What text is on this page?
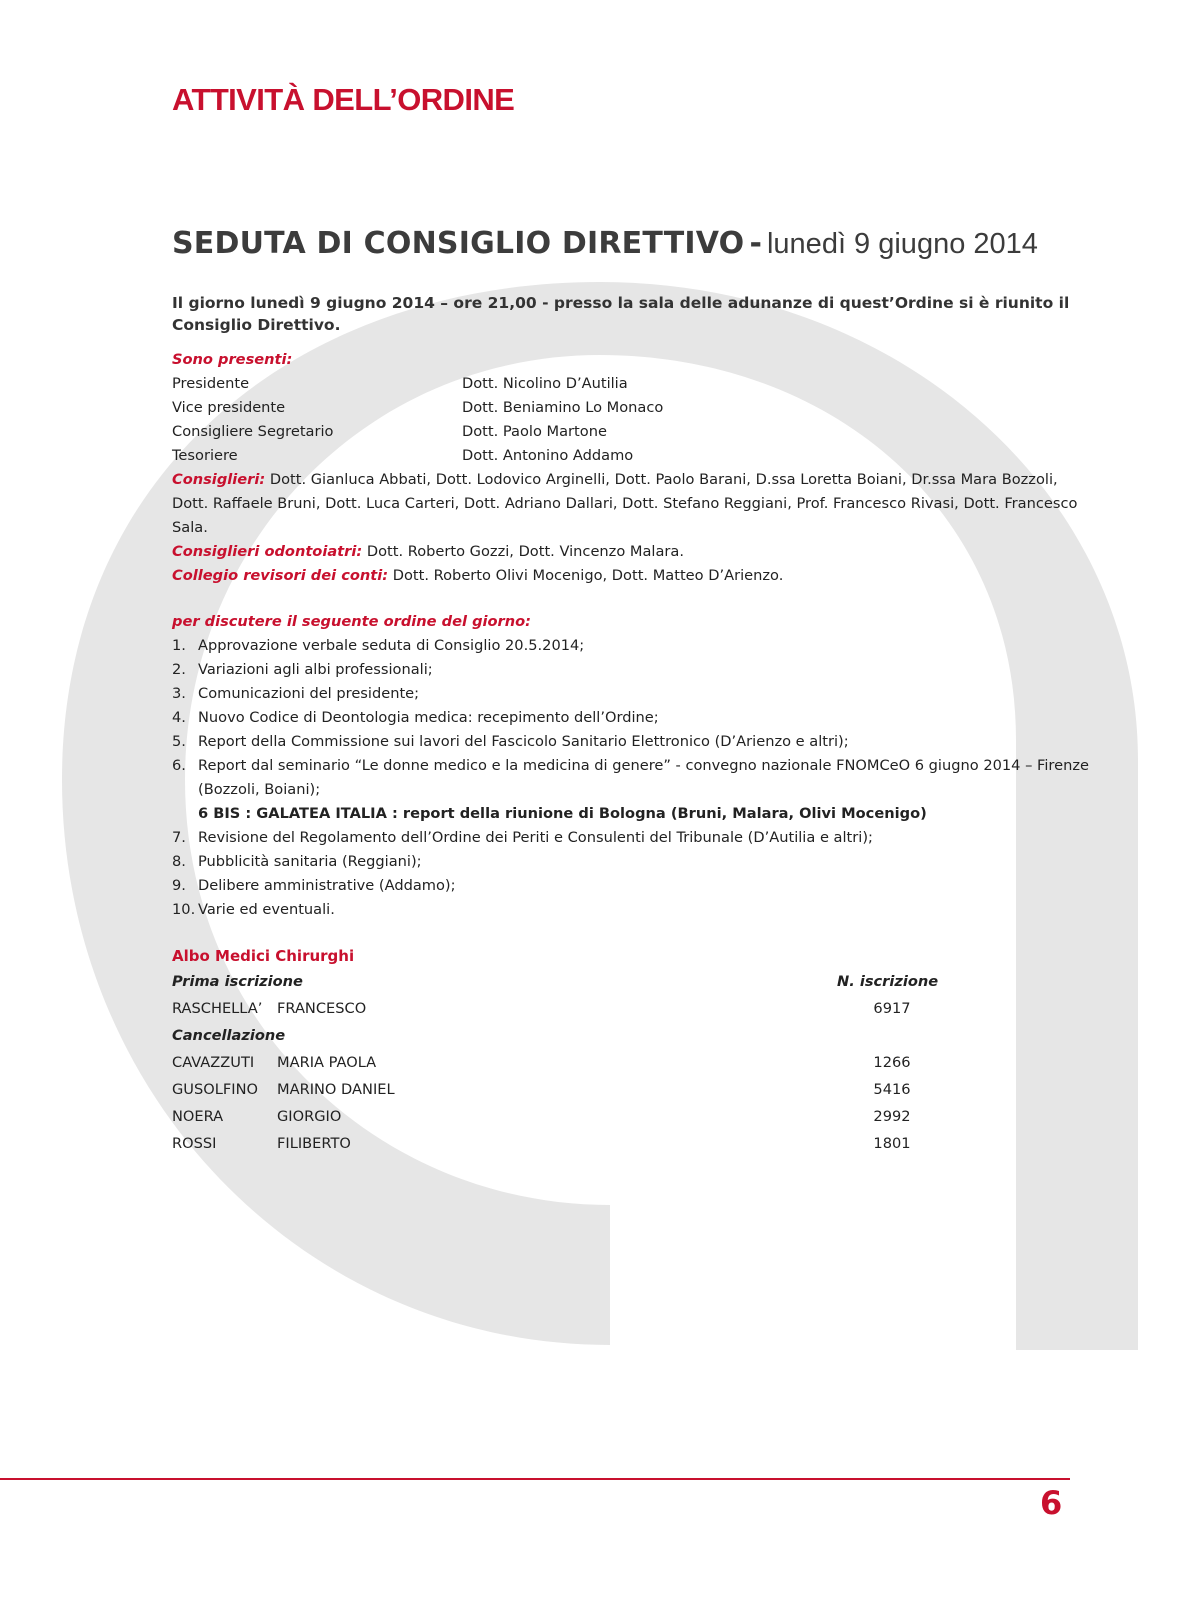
ATTIVITÀ DELL’ORDINE
SEDUTA DI CONSIGLIO DIRETTIVO - lunedì 9 giugno 2014
Il giorno lunedì 9 giugno 2014 – ore 21,00 - presso la sala delle adunanze di quest’Ordine si è riunito il Consiglio Direttivo.
Sono presenti:
Presidente	Dott. Nicolino D’Autilia
Vice presidente	Dott. Beniamino Lo Monaco
Consigliere Segretario	Dott. Paolo Martone
Tesoriere	Dott. Antonino Addamo
Consiglieri: Dott. Gianluca Abbati, Dott. Lodovico Arginelli, Dott. Paolo Barani, D.ssa Loretta Boiani, Dr.ssa Mara Bozzoli, Dott. Raffaele Bruni, Dott. Luca Carteri, Dott. Adriano Dallari, Dott. Stefano Reggiani, Prof. Francesco Rivasi, Dott. Francesco Sala.
Consiglieri odontoiatri: Dott. Roberto Gozzi, Dott. Vincenzo Malara.
Collegio revisori dei conti: Dott. Roberto Olivi Mocenigo, Dott. Matteo D’Arienzo.
per discutere il seguente ordine del giorno:
1. Approvazione verbale seduta di Consiglio 20.5.2014;
2. Variazioni agli albi professionali;
3. Comunicazioni del presidente;
4. Nuovo Codice di Deontologia medica: recepimento dell’Ordine;
5. Report della Commissione sui lavori del Fascicolo Sanitario Elettronico (D’Arienzo e altri);
6. Report dal seminario “Le donne medico e la medicina di genere” - convegno nazionale FNOMCeO 6 giugno 2014 – Firenze (Bozzoli, Boiani);
6 BIS : GALATEA ITALIA : report della riunione di Bologna (Bruni, Malara, Olivi Mocenigo)
7. Revisione del Regolamento dell’Ordine dei Periti e Consulenti del Tribunale (D’Autilia e altri);
8. Pubblicità sanitaria (Reggiani);
9. Delibere amministrative (Addamo);
10. Varie ed eventuali.
Albo Medici Chirurghi
Prima iscrizione	N. iscrizione
RASCHELLA’ FRANCESCO	6917
Cancellazione
CAVAZZUTI	MARIA PAOLA	1266
GUSOLFINO	MARINO DANIEL	5416
NOERA	GIORGIO	2992
ROSSI	FILIBERTO	1801
6
